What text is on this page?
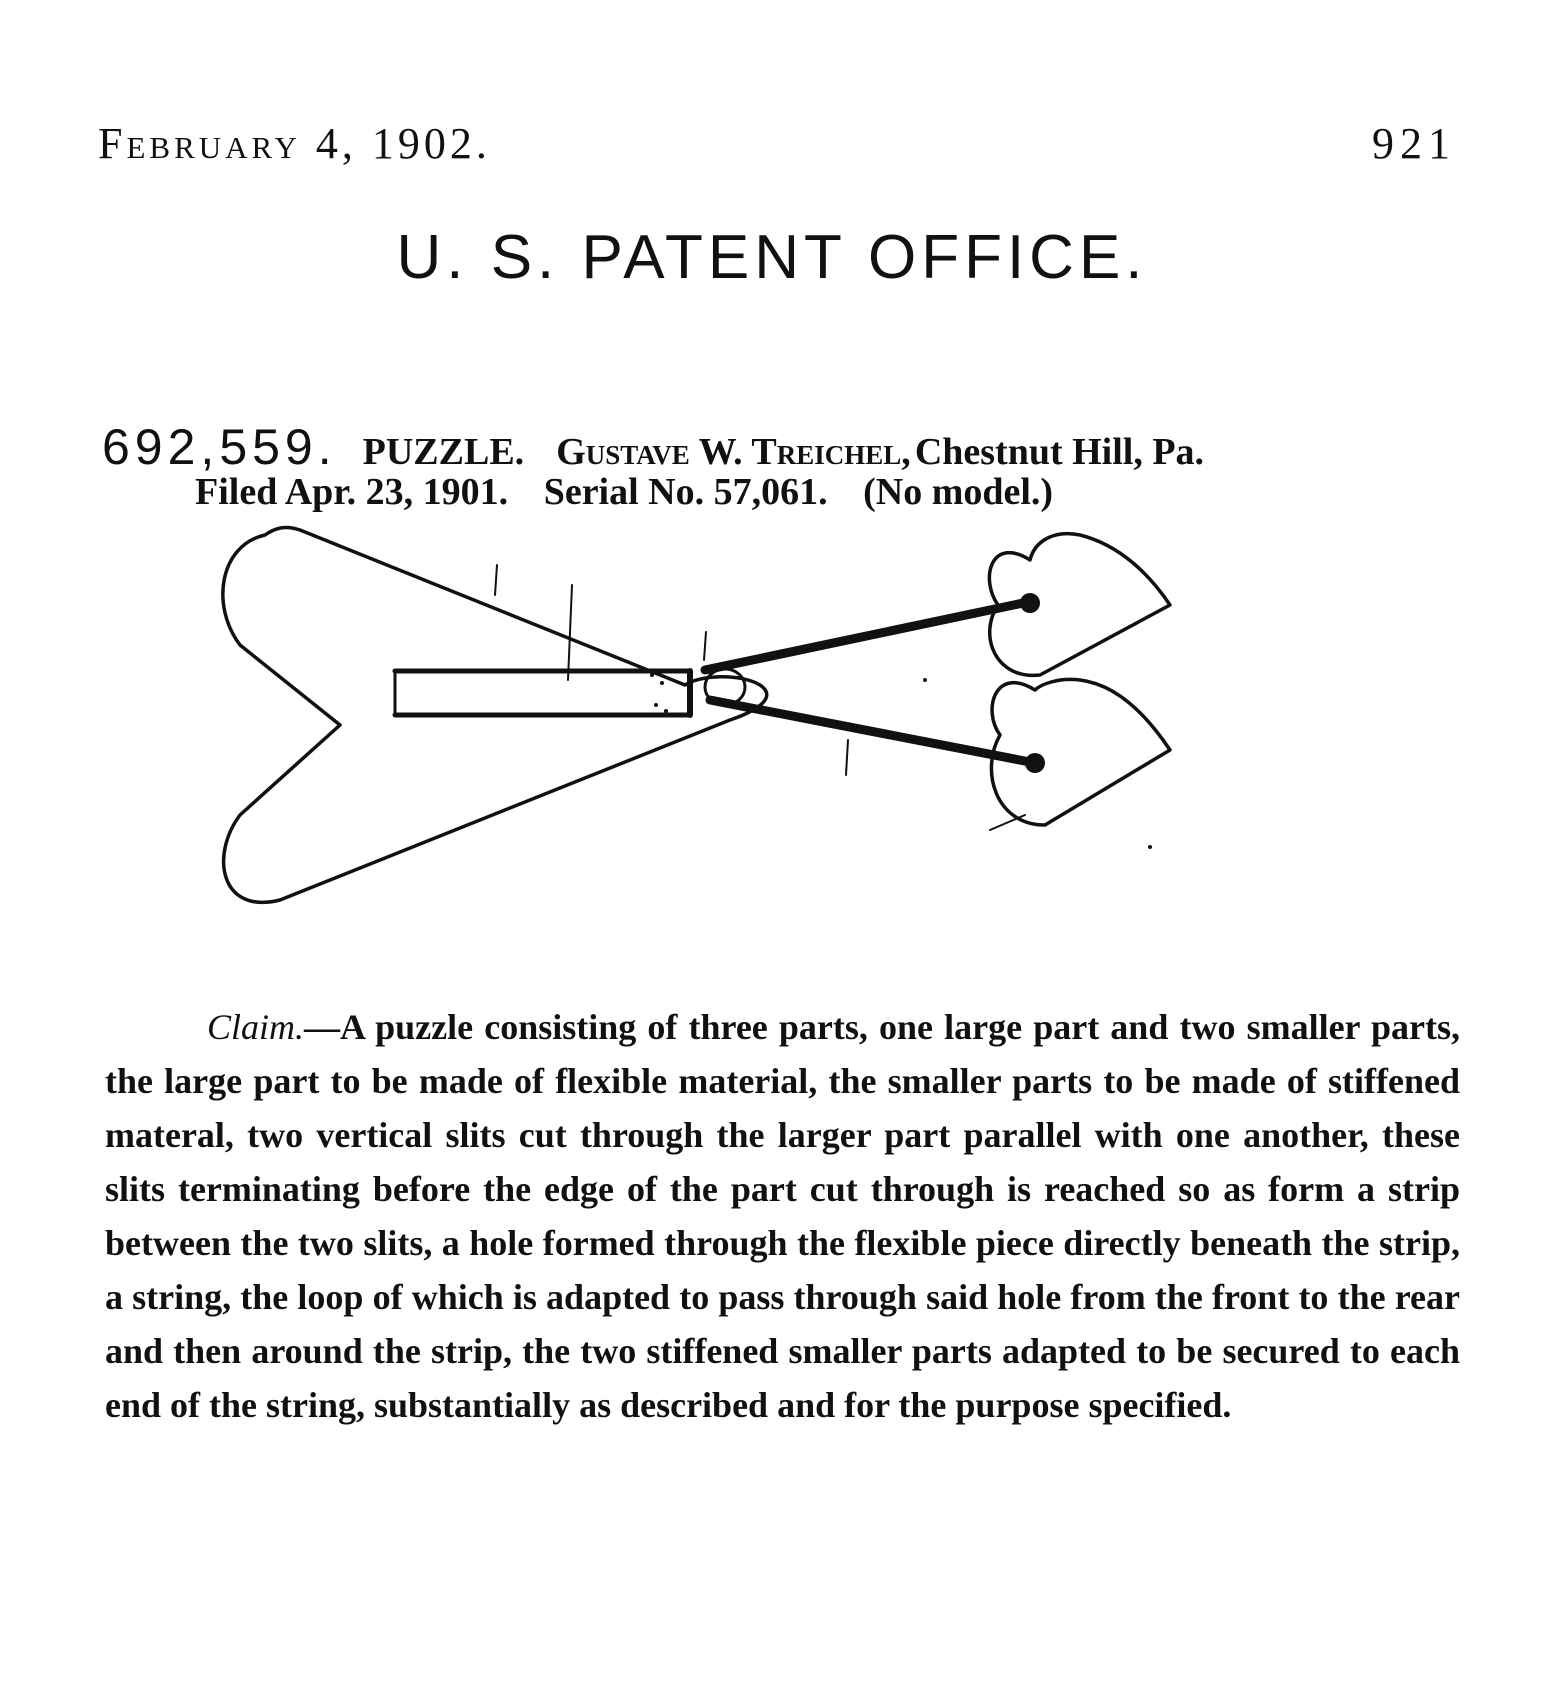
February 4, 1902.	921
U. S. PATENT OFFICE.
692,559. PUZZLE. Gustave W. Treichel, Chestnut Hill, Pa.
Filed Apr. 23, 1901. Serial No. 57,061. (No model.)
Claim.—A puzzle consisting of three parts, one large part and two smaller parts, the large part to be made of flexible material, the smaller parts to be made of stiffened materal, two vertical slits cut through the larger part parallel with one another, these slits terminating before the edge of the part cut through is reached so as form a strip between the two slits, a hole formed through the flexible piece directly beneath the strip, a string, the loop of which is adapted to pass through said hole from the front to the rear and then around the strip, the two stiffened smaller parts adapted to be secured to each end of the string, substantially as described and for the purpose specified.
